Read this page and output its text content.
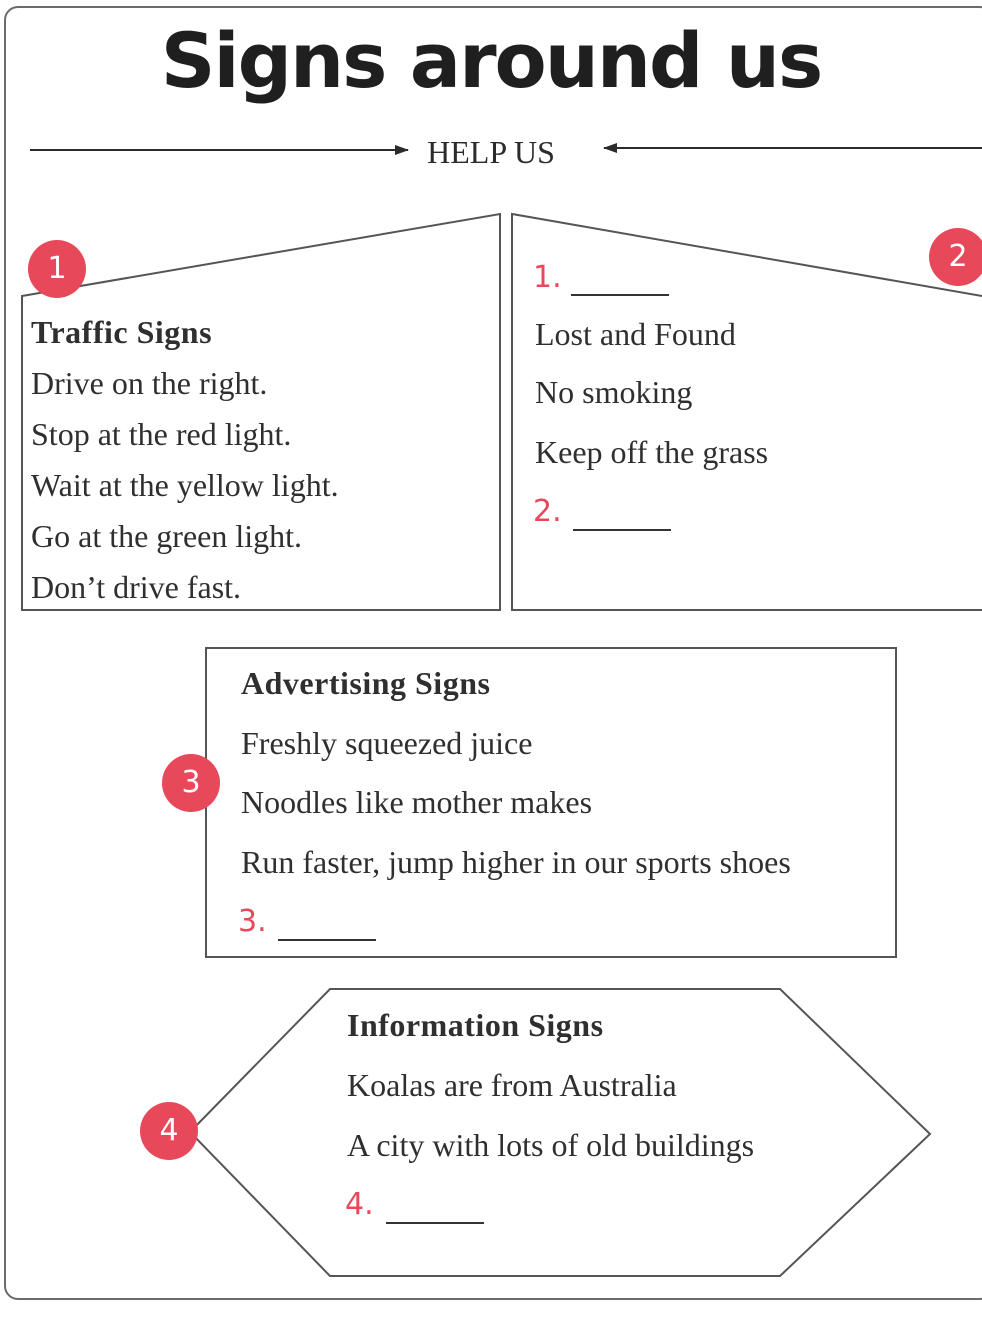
Signs around us
HELP US
1
Traffic Signs
Drive on the right.
Stop at the red light.
Wait at the yellow light.
Go at the green light.
Don’t drive fast.
2
1.
Lost and Found
No smoking
Keep off the grass
2.
3
Advertising Signs
Freshly squeezed juice
Noodles like mother makes
Run faster, jump higher in our sports shoes
3.
4
Information Signs
Koalas are from Australia
A city with lots of old buildings
4.
